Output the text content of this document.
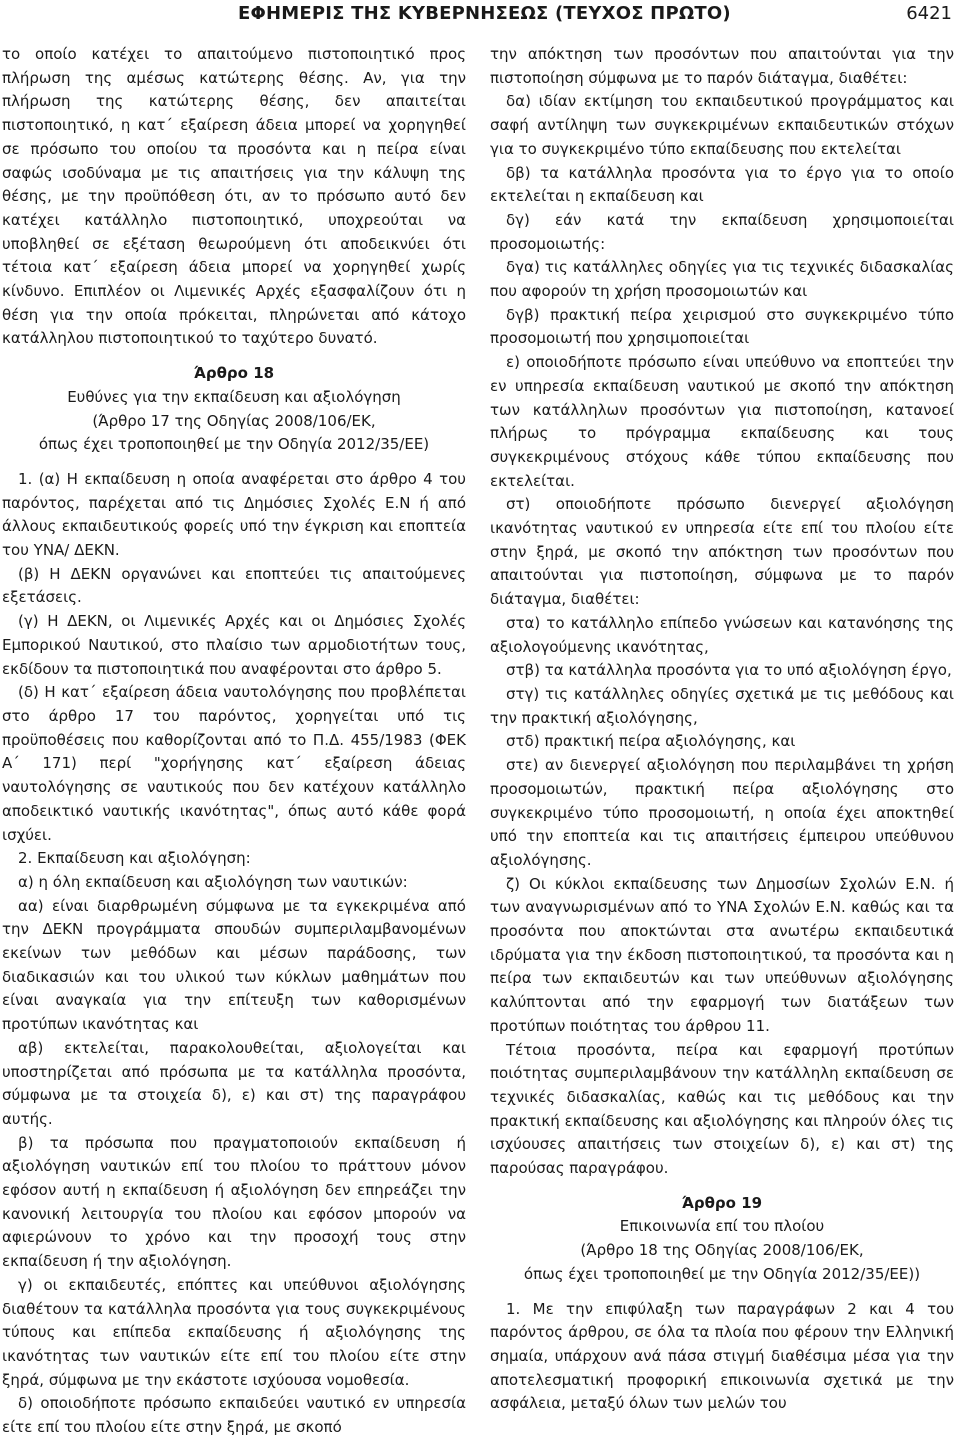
ΕΦΗΜΕΡΙΣ ΤΗΣ ΚΥΒΕΡΝΗΣΕΩΣ (ΤΕΥΧΟΣ ΠΡΩΤΟ)	6421

το οποίο κατέχει το απαιτούμενο πιστοποιητικό προς πλήρωση της αμέσως κατώτερης θέσης. Αν, για την πλήρωση της κατώτερης θέσης, δεν απαιτείται πιστοποιητικό, η κατ΄ εξαίρεση άδεια μπορεί να χορηγηθεί σε πρόσωπο του οποίου τα προσόντα και η πείρα είναι σαφώς ισοδύναμα με τις απαιτήσεις για την κάλυψη της θέσης, με την προϋπόθεση ότι, αν το πρόσωπο αυτό δεν κατέχει κατάλληλο πιστοποιητικό, υποχρεούται να υποβληθεί σε εξέταση θεωρούμενη ότι αποδεικνύει ότι τέτοια κατ΄ εξαίρεση άδεια μπορεί να χορηγηθεί χωρίς κίνδυνο. Επιπλέον οι Λιμενικές Αρχές εξασφαλίζουν ότι η θέση για την οποία πρόκειται, πληρώνεται από κάτοχο κατάλληλου πιστοποιητικού το ταχύτερο δυνατό.

Άρθρο 18

Ευθύνες για την εκπαίδευση και αξιολόγηση

(Άρθρο 17 της Οδηγίας 2008/106/ΕΚ,

όπως έχει τροποποιηθεί με την Οδηγία 2012/35/ΕΕ)

1. (α) Η εκπαίδευση η οποία αναφέρεται στο άρθρο 4 του παρόντος, παρέχεται από τις Δημόσιες Σχολές Ε.Ν ή από άλλους εκπαιδευτικούς φορείς υπό την έγκριση και εποπτεία του ΥΝΑ/ ΔΕΚΝ.

(β) Η ΔΕΚΝ οργανώνει και εποπτεύει τις απαιτούμενες εξετάσεις.

(γ) Η ΔΕΚΝ, οι Λιμενικές Αρχές και οι Δημόσιες Σχολές Εμπορικού Ναυτικού, στο πλαίσιο των αρμοδιοτήτων τους, εκδίδουν τα πιστοποιητικά που αναφέρονται στο άρθρο 5.

(δ) Η κατ΄ εξαίρεση άδεια ναυτολόγησης που προβλέπεται στο άρθρο 17 του παρόντος, χορηγείται υπό τις προϋποθέσεις που καθορίζονται από το Π.Δ. 455/1983 (ΦΕΚ Α΄ 171) περί "χορήγησης κατ΄ εξαίρεση άδειας ναυτολόγησης σε ναυτικούς που δεν κατέχουν κατάλληλο αποδεικτικό ναυτικής ικανότητας", όπως αυτό κάθε φορά ισχύει.

2. Εκπαίδευση και αξιολόγηση:

α) η όλη εκπαίδευση και αξιολόγηση των ναυτικών:

αα) είναι διαρθρωμένη σύμφωνα με τα εγκεκριμένα από την ΔΕΚΝ προγράμματα σπουδών συμπεριλαμβανομένων εκείνων των μεθόδων και μέσων παράδοσης, των διαδικασιών και του υλικού των κύκλων μαθημάτων που είναι αναγκαία για την επίτευξη των καθορισμένων προτύπων ικανότητας και

αβ) εκτελείται, παρακολουθείται, αξιολογείται και υποστηρίζεται από πρόσωπα με τα κατάλληλα προσόντα, σύμφωνα με τα στοιχεία δ), ε) και στ) της παραγράφου αυτής.

β) τα πρόσωπα που πραγματοποιούν εκπαίδευση ή αξιολόγηση ναυτικών επί του πλοίου το πράττουν μόνον εφόσον αυτή η εκπαίδευση ή αξιολόγηση δεν επηρεάζει την κανονική λειτουργία του πλοίου και εφόσον μπορούν να αφιερώνουν το χρόνο και την προσοχή τους στην εκπαίδευση ή την αξιολόγηση.

γ) οι εκπαιδευτές, επόπτες και υπεύθυνοι αξιολόγησης διαθέτουν τα κατάλληλα προσόντα για τους συγκεκριμένους τύπους και επίπεδα εκπαίδευσης ή αξιολόγησης της ικανότητας των ναυτικών είτε επί του πλοίου είτε στην ξηρά, σύμφωνα με την εκάστοτε ισχύουσα νομοθεσία.

δ) οποιοδήποτε πρόσωπο εκπαιδεύει ναυτικό εν υπηρεσία είτε επί του πλοίου είτε στην ξηρά, με σκοπό

την απόκτηση των προσόντων που απαιτούνται για την πιστοποίηση σύμφωνα με το παρόν διάταγμα, διαθέτει:

δα) ιδίαν εκτίμηση του εκπαιδευτικού προγράμματος και σαφή αντίληψη των συγκεκριμένων εκπαιδευτικών στόχων για το συγκεκριμένο τύπο εκπαίδευσης που εκτελείται

δβ) τα κατάλληλα προσόντα για το έργο για το οποίο εκτελείται η εκπαίδευση και

δγ) εάν κατά την εκπαίδευση χρησιμοποιείται προσομοιωτής:

δγα) τις κατάλληλες οδηγίες για τις τεχνικές διδασκαλίας που αφορούν τη χρήση προσομοιωτών και

δγβ) πρακτική πείρα χειρισμού στο συγκεκριμένο τύπο προσομοιωτή που χρησιμοποιείται

ε) οποιοδήποτε πρόσωπο είναι υπεύθυνο να εποπτεύει την εν υπηρεσία εκπαίδευση ναυτικού με σκοπό την απόκτηση των κατάλληλων προσόντων για πιστοποίηση, κατανοεί πλήρως το πρόγραμμα εκπαίδευσης και τους συγκεκριμένους στόχους κάθε τύπου εκπαίδευσης που εκτελείται.

στ) οποιοδήποτε πρόσωπο διενεργεί αξιολόγηση ικανότητας ναυτικού εν υπηρεσία είτε επί του πλοίου είτε στην ξηρά, με σκοπό την απόκτηση των προσόντων που απαιτούνται για πιστοποίηση, σύμφωνα με το παρόν διάταγμα, διαθέτει:

στα) το κατάλληλο επίπεδο γνώσεων και κατανόησης της αξιολογούμενης ικανότητας,

στβ) τα κατάλληλα προσόντα για το υπό αξιολόγηση έργο,

στγ) τις κατάλληλες οδηγίες σχετικά με τις μεθόδους και την πρακτική αξιολόγησης,

στδ) πρακτική πείρα αξιολόγησης, και

στε) αν διενεργεί αξιολόγηση που περιλαμβάνει τη χρήση προσομοιωτών, πρακτική πείρα αξιολόγησης στο συγκεκριμένο τύπο προσομοιωτή, η οποία έχει αποκτηθεί υπό την εποπτεία και τις απαιτήσεις έμπειρου υπεύθυνου αξιολόγησης.

ζ) Οι κύκλοι εκπαίδευσης των Δημοσίων Σχολών Ε.Ν. ή των αναγνωρισμένων από το ΥΝΑ Σχολών Ε.Ν. καθώς και τα προσόντα που αποκτώνται στα ανωτέρω εκπαιδευτικά ιδρύματα για την έκδοση πιστοποιητικού, τα προσόντα και η πείρα των εκπαιδευτών και των υπεύθυνων αξιολόγησης καλύπτονται από την εφαρμογή των διατάξεων των προτύπων ποιότητας του άρθρου 11.

Τέτοια προσόντα, πείρα και εφαρμογή προτύπων ποιότητας συμπεριλαμβάνουν την κατάλληλη εκπαίδευση σε τεχνικές διδασκαλίας, καθώς και τις μεθόδους και την πρακτική εκπαίδευσης και αξιολόγησης και πληρούν όλες τις ισχύουσες απαιτήσεις των στοιχείων δ), ε) και στ) της παρούσας παραγράφου.

Άρθρο 19

Επικοινωνία επί του πλοίου

(Άρθρο 18 της Οδηγίας 2008/106/ΕΚ,

όπως έχει τροποποιηθεί με την Οδηγία 2012/35/ΕΕ))

1. Με την επιφύλαξη των παραγράφων 2 και 4 του παρόντος άρθρου, σε όλα τα πλοία που φέρουν την Ελληνική σημαία, υπάρχουν ανά πάσα στιγμή διαθέσιμα μέσα για την αποτελεσματική προφορική επικοινωνία σχετικά με την ασφάλεια, μεταξύ όλων των μελών του
